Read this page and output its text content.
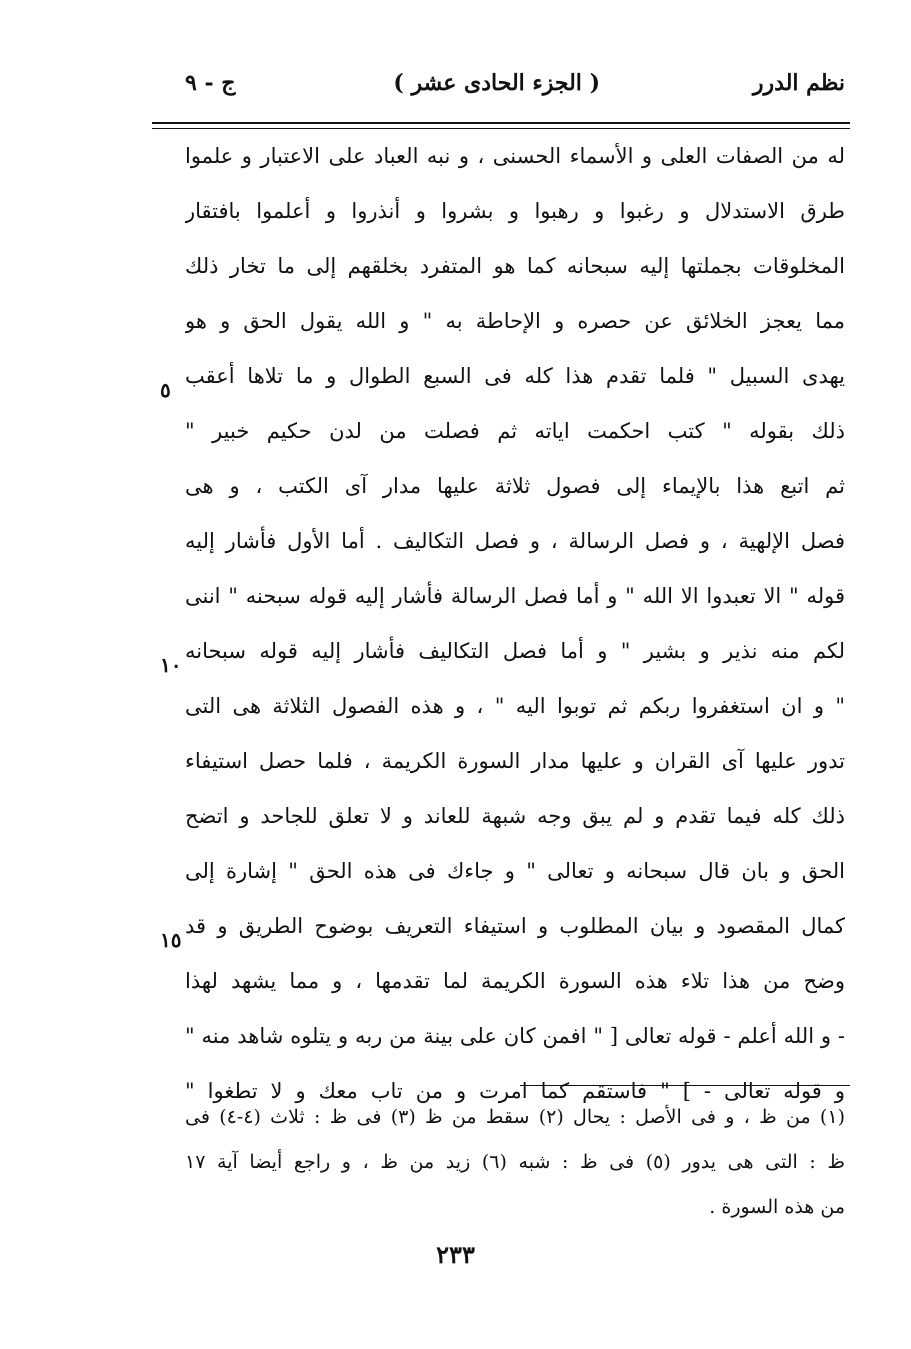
نظم الدرر
( الجزء الحادى عشر )
ج - ٩
له من الصفات العلى و الأسماء الحسنى ، و نبه العباد على الاعتبار و علموا
طرق الاستدلال و رغبوا و رهبوا و بشروا و أنذروا و أعلموا بافتقار
المخلوقات بجملتها إليه سبحانه كما هو المتفرد بخلقهم إلى ما تخار ذلك
مما يعجز الخلائق عن حصره و الإحاطة به " و الله يقول الحق و هو
يهدى السبيل " فلما تقدم هذا كله فى السبع الطوال و ما تلاها أعقب
ذلك بقوله " كتب احكمت اياته ثم فصلت من لدن حكيم خبير "
ثم اتبع هذا بالإيماء إلى فصول ثلاثة عليها مدار آى الكتب ، و هى
فصل الإلهية ، و فصل الرسالة ، و فصل التكاليف . أما الأول فأشار إليه
قوله " الا تعبدوا الا الله " و أما فصل الرسالة فأشار إليه قوله سبحنه " اننى
لكم منه نذير و بشير " و أما فصل التكاليف فأشار إليه قوله سبحانه
" و ان استغفروا ربكم ثم توبوا اليه " ، و هذه الفصول الثلاثة هى التى
تدور عليها آى القران و عليها مدار السورة الكريمة ، فلما حصل استيفاء
ذلك كله فيما تقدم و لم يبق وجه شبهة للعاند و لا تعلق للجاحد و اتضح
الحق و بان قال سبحانه و تعالى " و جاءك فى هذه الحق " إشارة إلى
كمال المقصود و بيان المطلوب و استيفاء التعريف بوضوح الطريق و قد
وضح من هذا تلاء هذه السورة الكريمة لما تقدمها ، و مما يشهد لهذا
- و الله أعلم - قوله تعالى [ " افمن كان على بينة من ربه و يتلوه شاهد منه "
و قوله تعالى - ] " فاستقم كما امرت و من تاب معك و لا تطغوا "
٥
١٠
١٥
(١) من ظ ، و فى الأصل : يحال (٢) سقط من ظ (٣) فى ظ : ثلاث (٤-٤) فى
ظ : التى هى يدور (٥) فى ظ : شبه (٦) زيد من ظ ، و راجع أيضا آية ١٧
من هذه السورة .
٢٣٣
